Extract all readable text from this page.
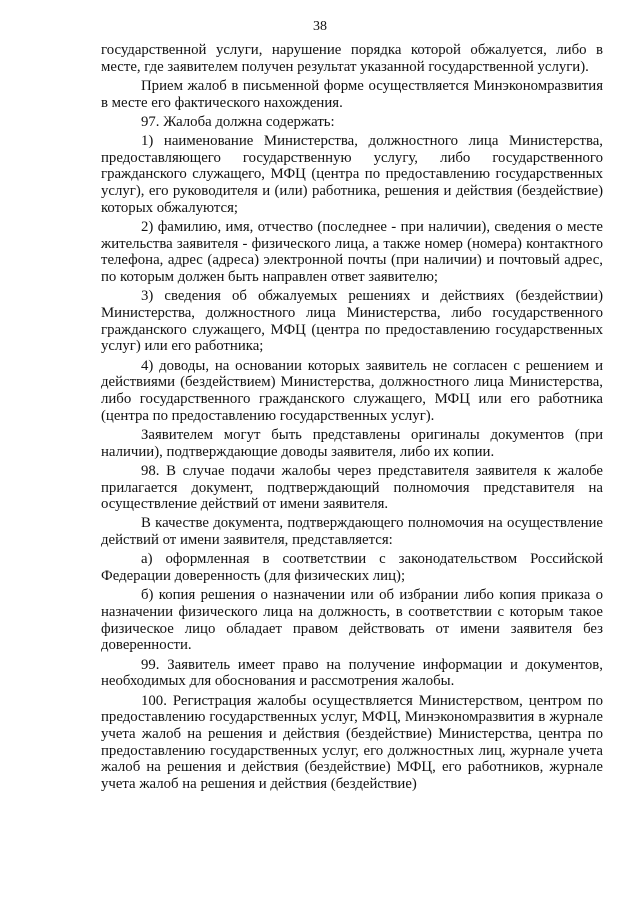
38

государственной услуги, нарушение порядка которой обжалуется, либо в месте, где заявителем получен результат указанной государственной услуги).

Прием жалоб в письменной форме осуществляется Минэкономразвития в месте его фактического нахождения.

97. Жалоба должна содержать:

1) наименование Министерства, должностного лица Министерства, предоставляющего государственную услугу, либо государственного гражданского служащего, МФЦ (центра по предоставлению государственных услуг), его руководителя и (или) работника, решения и действия (бездействие) которых обжалуются;

2) фамилию, имя, отчество (последнее - при наличии), сведения о месте жительства заявителя - физического лица, а также номер (номера) контактного телефона, адрес (адреса) электронной почты (при наличии) и почтовый адрес, по которым должен быть направлен ответ заявителю;

3) сведения об обжалуемых решениях и действиях (бездействии) Министерства, должностного лица Министерства, либо государственного гражданского служащего, МФЦ (центра по предоставлению государственных услуг) или его работника;

4) доводы, на основании которых заявитель не согласен с решением и действиями (бездействием) Министерства, должностного лица Министерства, либо государственного гражданского служащего, МФЦ или его работника (центра по предоставлению государственных услуг).

Заявителем могут быть представлены оригиналы документов (при наличии), подтверждающие доводы заявителя, либо их копии.

98. В случае подачи жалобы через представителя заявителя к жалобе прилагается документ, подтверждающий полномочия представителя на осуществление действий от имени заявителя.

В качестве документа, подтверждающего полномочия на осуществление действий от имени заявителя, представляется:

а) оформленная в соответствии с законодательством Российской Федерации доверенность (для физических лиц);

б) копия решения о назначении или об избрании либо копия приказа о назначении физического лица на должность, в соответствии с которым такое физическое лицо обладает правом действовать от имени заявителя без доверенности.

99. Заявитель имеет право на получение информации и документов, необходимых для обоснования и рассмотрения жалобы.

100. Регистрация жалобы осуществляется Министерством, центром по предоставлению государственных услуг, МФЦ, Минэкономразвития в журнале учета жалоб на решения и действия (бездействие) Министерства, центра по предоставлению государственных услуг, его должностных лиц, журнале учета жалоб на решения и действия (бездействие) МФЦ, его работников, журнале учета жалоб на решения и действия (бездействие)
